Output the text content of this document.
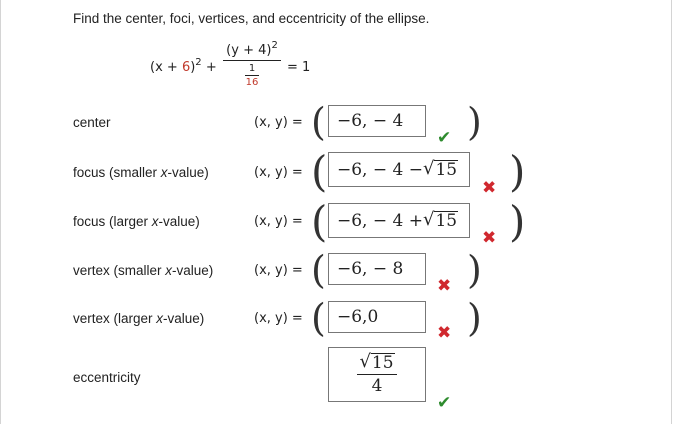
Find the center, foci, vertices, and eccentricity of the ellipse.
$(x + 6)^2$ +
$(y + 4)^2$
1
16
= 1
center	(x, y) = ( −6, − 4
✔ )
focus (smaller x-value)	(x, y) = ( −6, − 4 − √ 15
✖ )
focus (larger x-value)	(x, y) = ( −6, − 4 + √ 15
✖ )
vertex (smaller x-value)	(x, y) = ( −6, − 8
✖ )
vertex (larger x-value)	(x, y) = ( −6,0
✖ )
eccentricity	$\frac{√ 15}{4}$
✔
